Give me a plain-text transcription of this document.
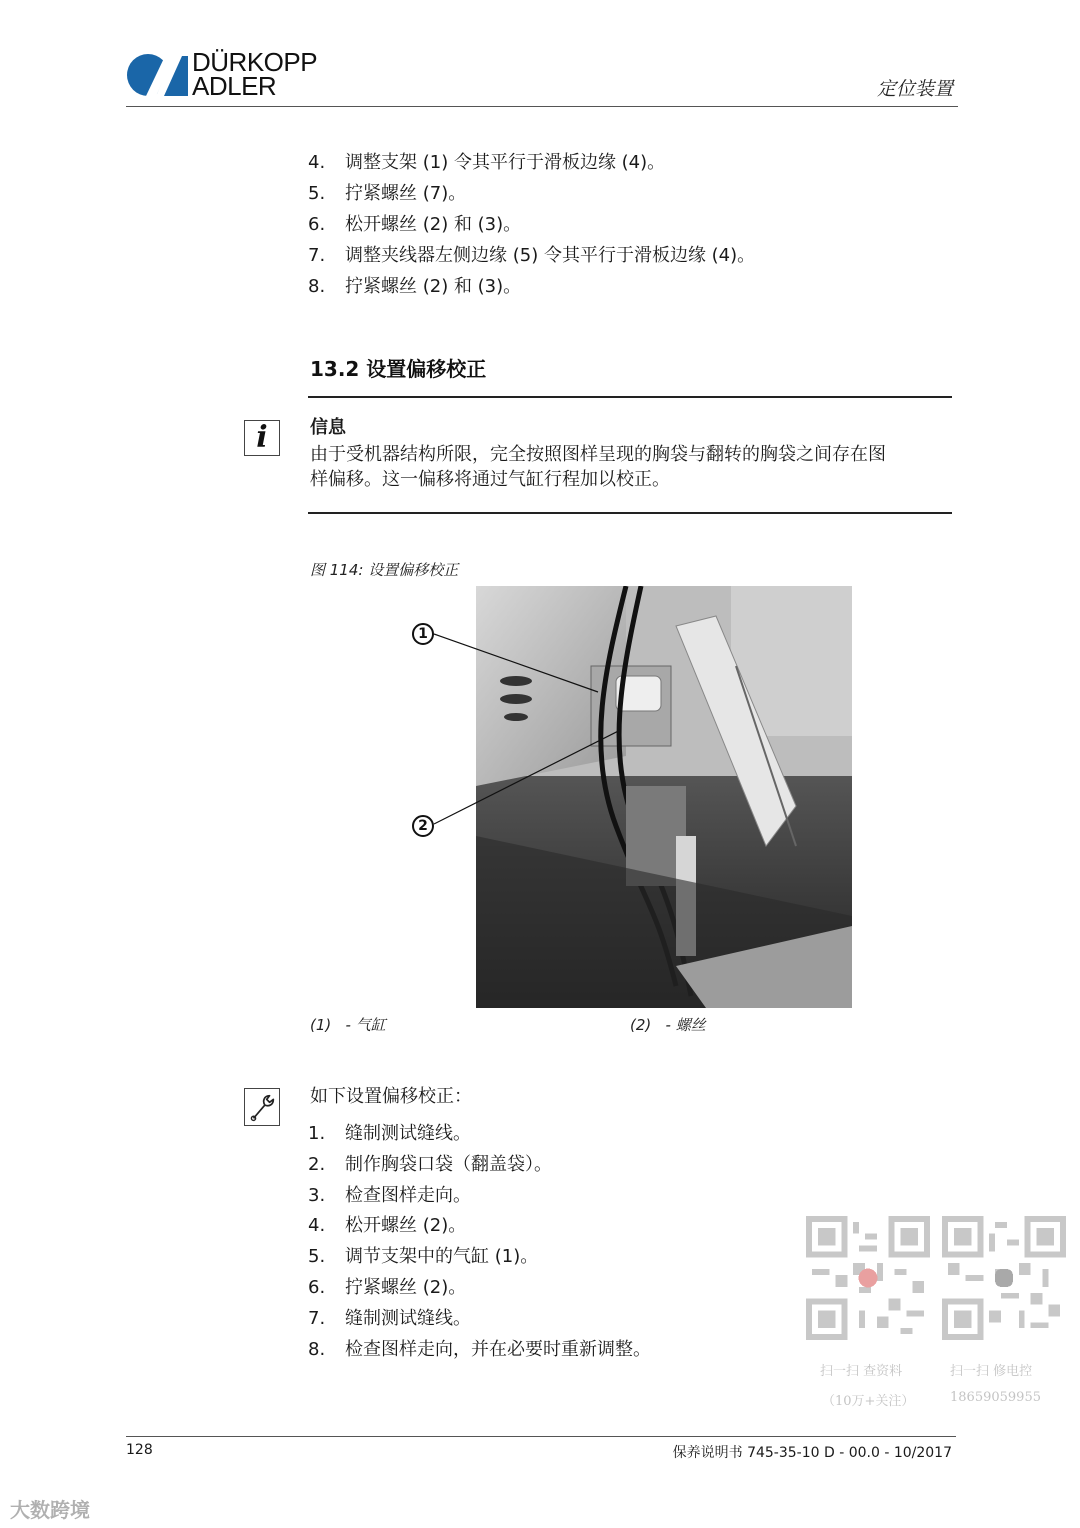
DÜRKOPP
ADLER	定位装置
4. 调整支架 (1) 令其平行于滑板边缘 (4)。
5. 拧紧螺丝 (7)。
6. 松开螺丝 (2) 和 (3)。
7. 调整夹线器左侧边缘 (5) 令其平行于滑板边缘 (4)。
8. 拧紧螺丝 (2) 和 (3)。
13.2 设置偏移校正
i	信息
由于受机器结构所限，完全按照图样呈现的胸袋与翻转的胸袋之间存在图
样偏移。这一偏移将通过气缸行程加以校正。
图 114: 设置偏移校正
1
2
(1)   - 气缸	(2)   - 螺丝
如下设置偏移校正：
1. 缝制测试缝线。
2. 制作胸袋口袋（翻盖袋）。
3. 检查图样走向。
4. 松开螺丝 (2)。
5. 调节支架中的气缸 (1)。
6. 拧紧螺丝 (2)。
7. 缝制测试缝线。
8. 检查图样走向，并在必要时重新调整。
扫一扫 查资料
（10万+关注）
扫一扫 修电控
18659059955
128	保养说明书 745-35-10 D - 00.0 - 10/2017
大数跨境
